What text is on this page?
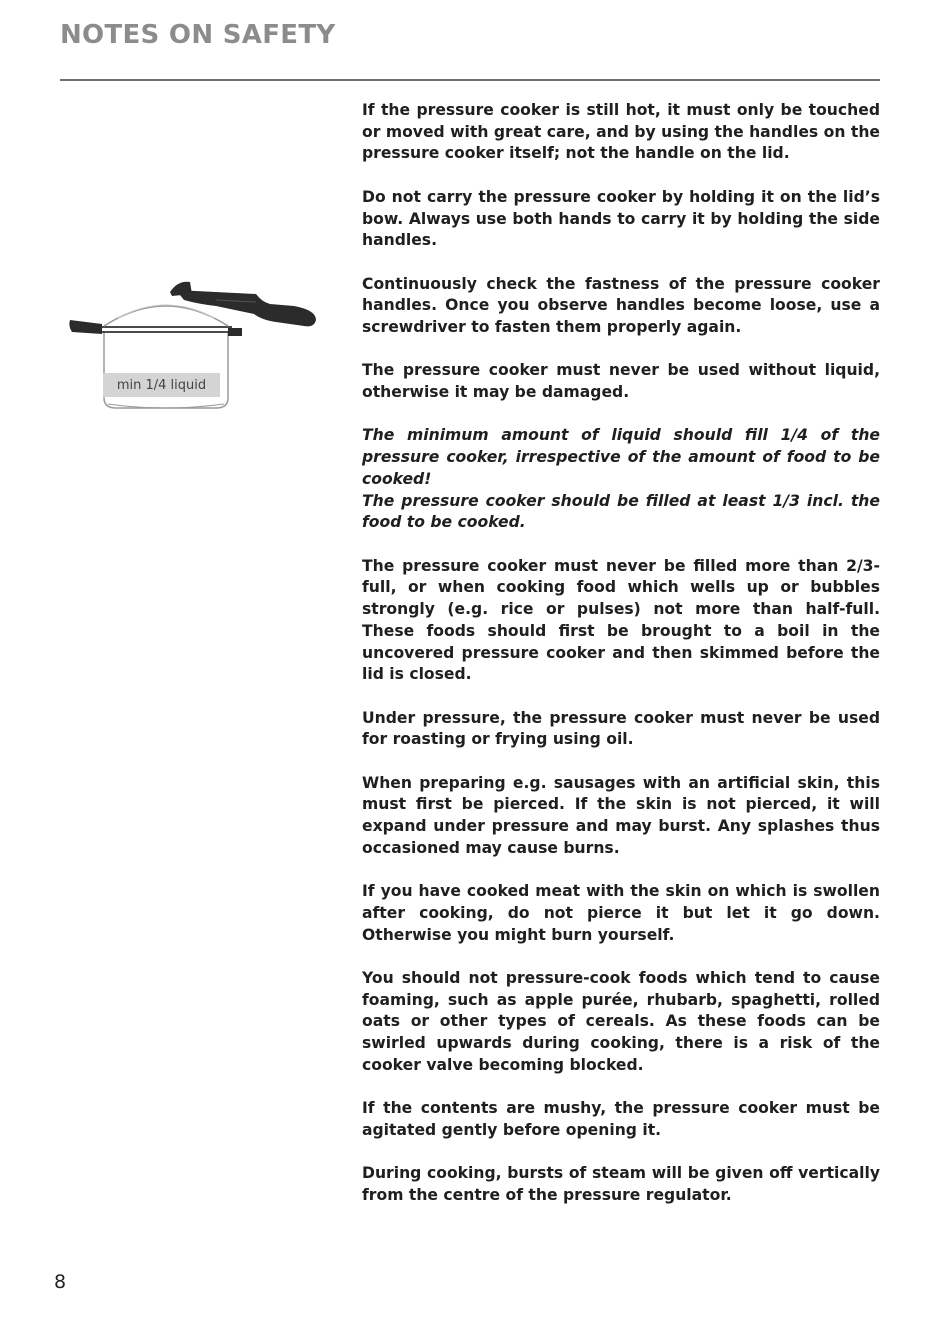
NOTES ON SAFETY
min 1/4 liquid

If the pressure cooker is still hot, it must only be touched or moved with great care, and by using the handles on the pressure cooker itself; not the handle on the lid.

Do not carry the pressure cooker by holding it on the lid’s bow. Always use both hands to carry it by holding the side handles.

Continuously check the fastness of the pressure cooker handles. Once you observe handles become loose, use a screwdriver to fasten them properly again.

The pressure cooker must never be used without liquid, otherwise it may be damaged.

The minimum amount of liquid should fill 1/4 of the pressure cooker, irrespective of the amount of food to be cooked!
The pressure cooker should be filled at least 1/3 incl. the food to be cooked.

The pressure cooker must never be filled more than 2/3-full, or when cooking food which wells up or bubbles strongly (e.g. rice or pulses) not more than half-full. These foods should first be brought to a boil in the uncovered pressure cooker and then skimmed before the lid is closed.

Under pressure, the pressure cooker must never be used for roasting or frying using oil.

When preparing e.g. sausages with an artificial skin, this must first be pierced. If the skin is not pierced, it will expand under pressure and may burst. Any splashes thus occasioned may cause burns.

If you have cooked meat with the skin on which is swollen after cooking, do not pierce it but let it go down. Otherwise you might burn yourself.

You should not pressure-cook foods which tend to cause foaming, such as apple purée, rhubarb, spaghetti, rolled oats or other types of cereals. As these foods can be swirled upwards during cooking, there is a risk of the cooker valve becoming blocked.

If the contents are mushy, the pressure cooker must be agitated gently before opening it.

During cooking, bursts of steam will be given off vertically from the centre of the pressure regulator.

8
